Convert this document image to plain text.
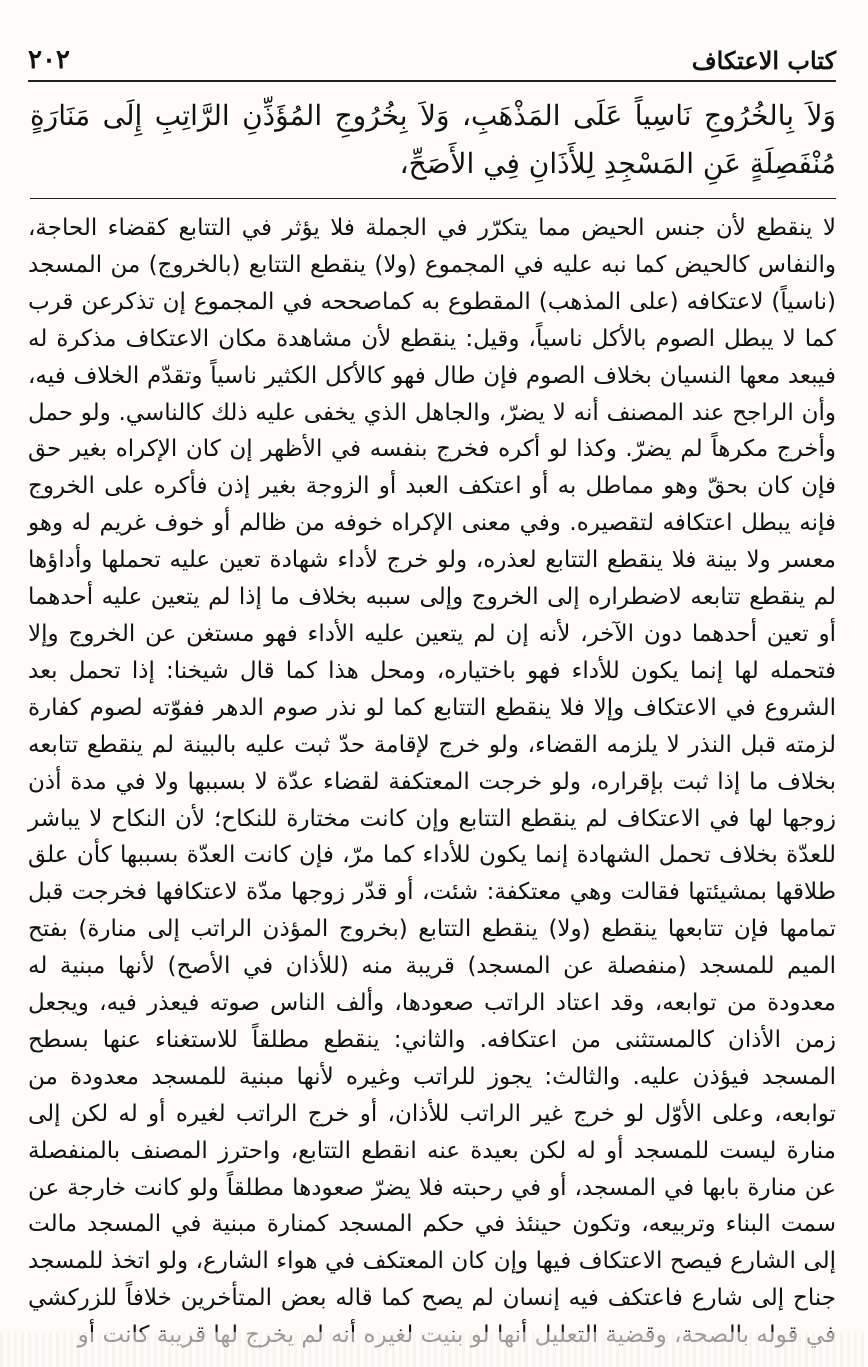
كتاب الاعتكاف
٢٠٢

وَلاَ بِالخُرُوجِ نَاسِياً عَلَى المَذْهَبِ، وَلاَ بِخُرُوجِ المُؤَذِّنِ الرَّاتِبِ إِلَى مَنَارَةٍ مُنْفَصِلَةٍ عَنِ المَسْجِدِ لِلأَذَانِ فِي الأَصَحِّ،

لا ينقطع لأن جنس الحيض مما يتكرّر في الجملة فلا يؤثر في التتابع كقضاء الحاجة، والنفاس كالحيض كما نبه عليه في المجموع (ولا) ينقطع التتابع (بالخروج) من المسجد (ناسياً) لاعتكافه (على المذهب) المقطوع به كماصححه في المجموع إن تذكرعن قرب كما لا يبطل الصوم بالأكل ناسياً، وقيل: ينقطع لأن مشاهدة مكان الاعتكاف مذكرة له فيبعد معها النسيان بخلاف الصوم فإن طال فهو كالأكل الكثير ناسياً وتقدّم الخلاف فيه، وأن الراجح عند المصنف أنه لا يضرّ، والجاهل الذي يخفى عليه ذلك كالناسي. ولو حمل وأخرج مكرهاً لم يضرّ. وكذا لو أكره فخرج بنفسه في الأظهر إن كان الإكراه بغير حق فإن كان بحقّ وهو مماطل به أو اعتكف العبد أو الزوجة بغير إذن فأكره على الخروج فإنه يبطل اعتكافه لتقصيره. وفي معنى الإكراه خوفه من ظالم أو خوف غريم له وهو معسر ولا بينة فلا ينقطع التتابع لعذره، ولو خرج لأداء شهادة تعين عليه تحملها وأداؤها لم ينقطع تتابعه لاضطراره إلى الخروج وإلى سببه بخلاف ما إذا لم يتعين عليه أحدهما أو تعين أحدهما دون الآخر، لأنه إن لم يتعين عليه الأداء فهو مستغن عن الخروج وإلا فتحمله لها إنما يكون للأداء فهو باختياره، ومحل هذا كما قال شيخنا: إذا تحمل بعد الشروع في الاعتكاف وإلا فلا ينقطع التتابع كما لو نذر صوم الدهر ففوّته لصوم كفارة لزمته قبل النذر لا يلزمه القضاء، ولو خرج لإقامة حدّ ثبت عليه بالبينة لم ينقطع تتابعه بخلاف ما إذا ثبت بإقراره، ولو خرجت المعتكفة لقضاء عدّة لا بسببها ولا في مدة أذن زوجها لها في الاعتكاف لم ينقطع التتابع وإن كانت مختارة للنكاح؛ لأن النكاح لا يباشر للعدّة بخلاف تحمل الشهادة إنما يكون للأداء كما مرّ، فإن كانت العدّة بسببها كأن علق طلاقها بمشيئتها فقالت وهي معتكفة: شئت، أو قدّر زوجها مدّة لاعتكافها فخرجت قبل تمامها فإن تتابعها ينقطع (ولا) ينقطع التتابع (بخروج المؤذن الراتب إلى منارة) بفتح الميم للمسجد (منفصلة عن المسجد) قريبة منه (للأذان في الأصح) لأنها مبنية له معدودة من توابعه، وقد اعتاد الراتب صعودها، وألف الناس صوته فيعذر فيه، ويجعل زمن الأذان كالمستثنى من اعتكافه. والثاني: ينقطع مطلقاً للاستغناء عنها بسطح المسجد فيؤذن عليه. والثالث: يجوز للراتب وغيره لأنها مبنية للمسجد معدودة من توابعه، وعلى الأوّل لو خرج غير الراتب للأذان، أو خرج الراتب لغيره أو له لكن إلى منارة ليست للمسجد أو له لكن بعيدة عنه انقطع التتابع، واحترز المصنف بالمنفصلة عن منارة بابها في المسجد، أو في رحبته فلا يضرّ صعودها مطلقاً ولو كانت خارجة عن سمت البناء وتربيعه، وتكون حينئذ في حكم المسجد كمنارة مبنية في المسجد مالت إلى الشارع فيصح الاعتكاف فيها وإن كان المعتكف في هواء الشارع، ولو اتخذ للمسجد جناح إلى شارع فاعتكف فيه إنسان لم يصح كما قاله بعض المتأخرين خلافاً للزركشي
